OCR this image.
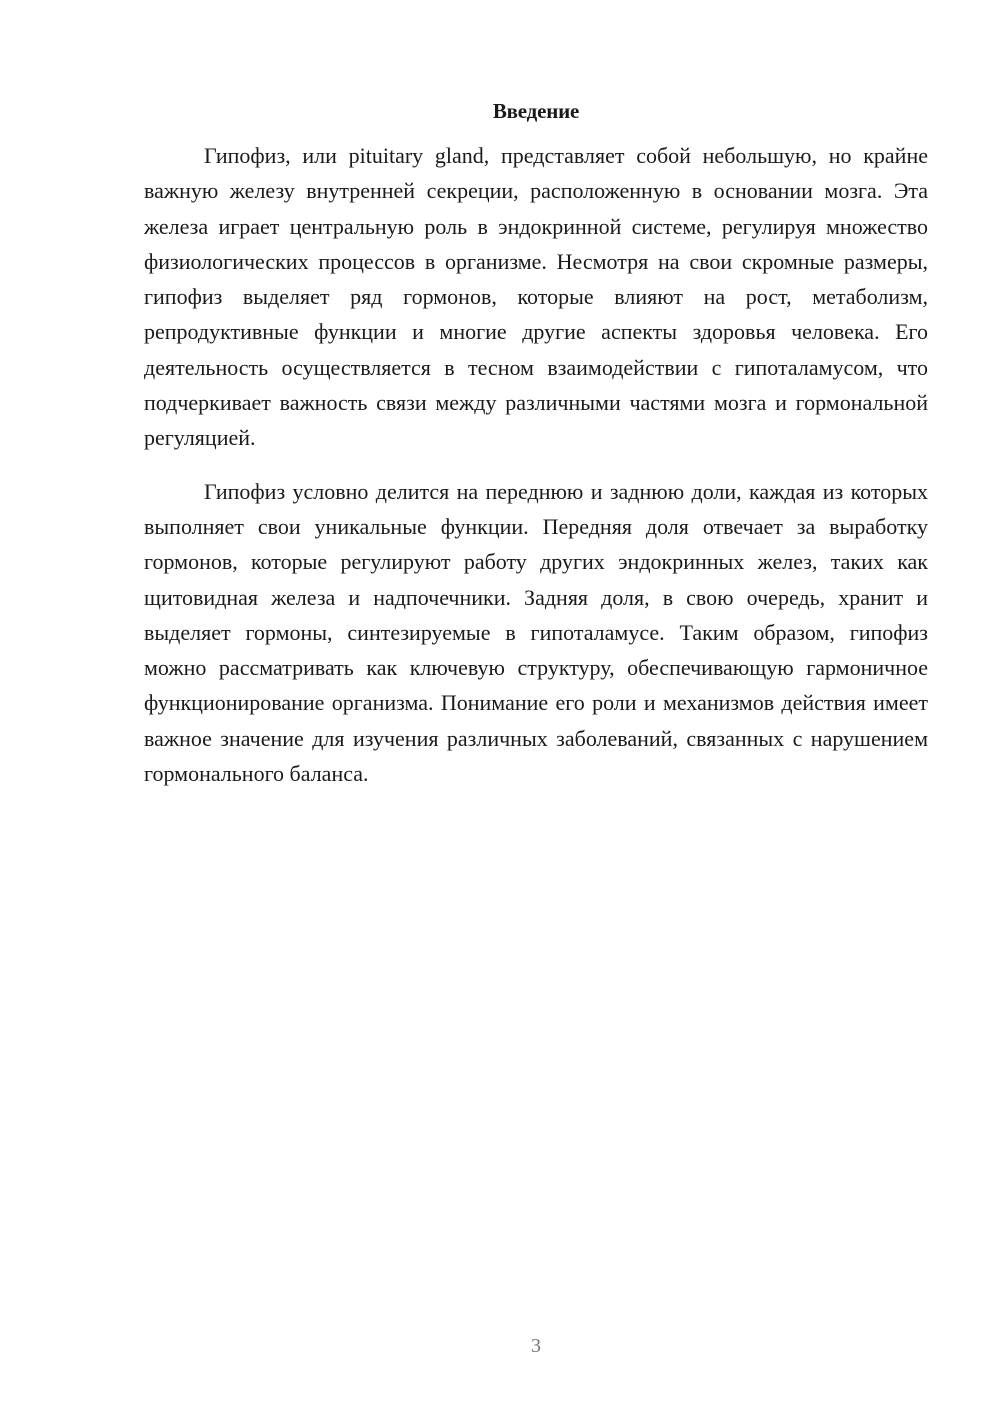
Введение

Гипофиз, или pituitary gland, представляет собой небольшую, но крайне важную железу внутренней секреции, расположенную в основании мозга. Эта железа играет центральную роль в эндокринной системе, регулируя множество физиологических процессов в организме. Несмотря на свои скромные размеры, гипофиз выделяет ряд гормонов, которые влияют на рост, метаболизм, репродуктивные функции и многие другие аспекты здоровья человека. Его деятельность осуществляется в тесном взаимодействии с гипоталамусом, что подчеркивает важность связи между различными частями мозга и гормональной регуляцией.

Гипофиз условно делится на переднюю и заднюю доли, каждая из которых выполняет свои уникальные функции. Передняя доля отвечает за выработку гормонов, которые регулируют работу других эндокринных желез, таких как щитовидная железа и надпочечники. Задняя доля, в свою очередь, хранит и выделяет гормоны, синтезируемые в гипоталамусе. Таким образом, гипофиз можно рассматривать как ключевую структуру, обеспечивающую гармоничное функционирование организма. Понимание его роли и механизмов действия имеет важное значение для изучения различных заболеваний, связанных с нарушением гормонального баланса.

3
